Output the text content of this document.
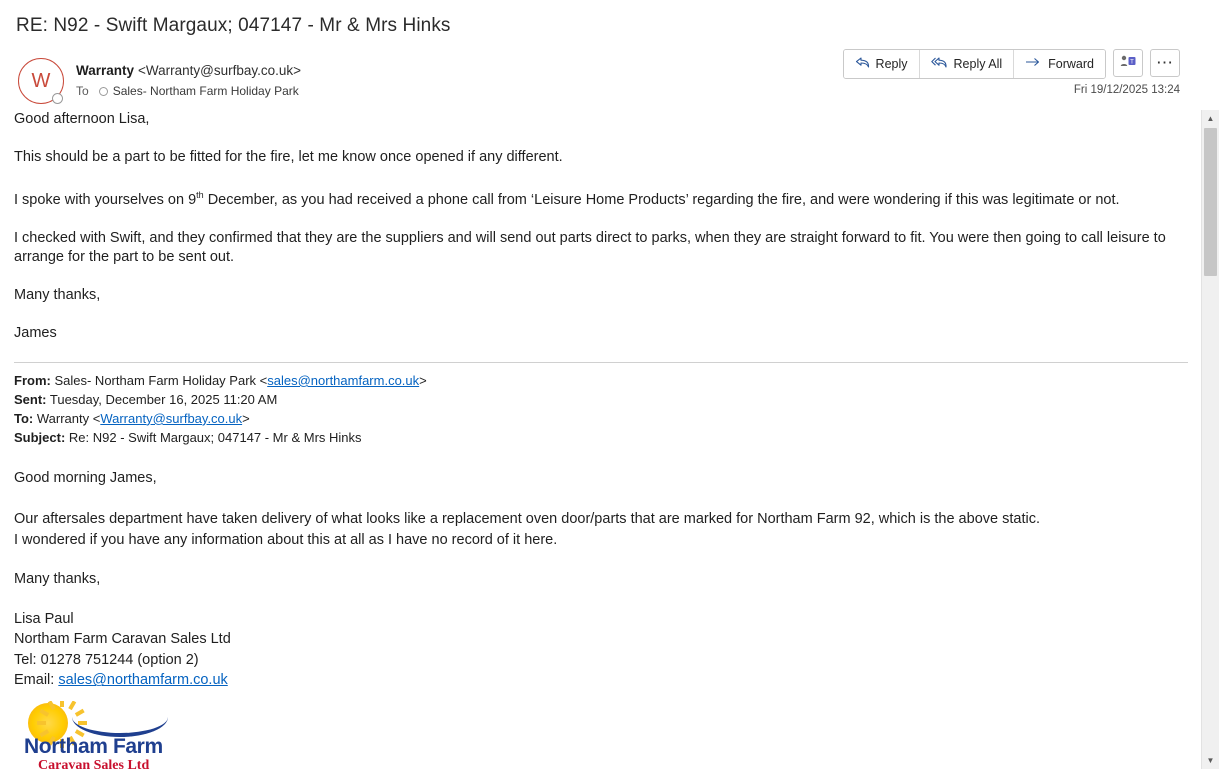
RE: N92 - Swift Margaux; 047147 - Mr & Mrs Hinks
W	Warranty <Warranty@surfbay.co.uk>
To Sales- Northam Farm Holiday Park
Reply	Reply All	Forward	T ⋯
Fri 19/12/2025 13:24
▲
▼

Good afternoon Lisa,

This should be a part to be fitted for the fire, let me know once opened if any different.

I spoke with yourselves on 9th December, as you had received a phone call from ‘Leisure Home Products’ regarding the fire, and were wondering if this was legitimate or not.

I checked with Swift, and they confirmed that they are the suppliers and will send out parts direct to parks, when they are straight forward to fit. You were then going to call leisure to arrange for the part to be sent out.

Many thanks,

James

From: Sales- Northam Farm Holiday Park <sales@northamfarm.co.uk>

Sent: Tuesday, December 16, 2025 11:20 AM

To: Warranty <Warranty@surfbay.co.uk>

Subject: Re: N92 - Swift Margaux; 047147 - Mr & Mrs Hinks

Good morning James,

Our aftersales department have taken delivery of what looks like a replacement oven door/parts that are marked for Northam Farm 92, which is the above static.

I wondered if you have any information about this at all as I have no record of it here.

Many thanks,

Lisa Paul

Northam Farm Caravan Sales Ltd

Tel: 01278 751244 (option 2)

Email: sales@northamfarm.co.uk

Northam Farm
Caravan Sales Ltd
